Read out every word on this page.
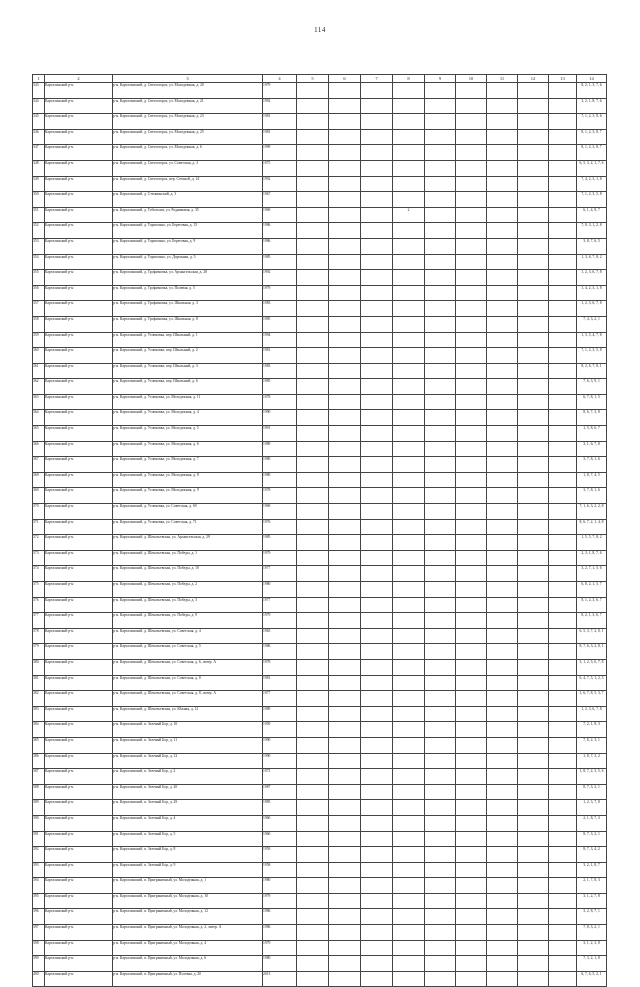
114
1	2	3	4	5	6	7	8	9	10	11	12	13	14
343	Карталинский р-н	р-н. Карталинский, д. Светлогорск, ул. Молодежная, д. 20	1979										8, 2, 1, 3, 7, 6
344	Карталинский р-н	р-н. Карталинский, д. Светлогорск, ул. Молодежная, д. 21	1992										3, 2, 1, 8, 7, 6
345	Карталинский р-н	р-н. Карталинский, д. Светлогорск, ул. Молодежная, д. 23	1981										7, 1, 2, 3, 8, 6
346	Карталинский р-н	р-н. Карталинский, д. Светлогорск, ул. Молодежная, д. 25	1981										8, 1, 2, 3, 8, 7
347	Карталинский р-н	р-н. Карталинский, д. Светлогорск, ул. Молодежная, д. 6	1999										8, 1, 2, 3, 8, 7
348	Карталинский р-н	р-н. Карталинский, д. Светлогорск, ул. Советская, д. 3	1975										6, 5, 3, 2, 1, 7, 6
349	Карталинский р-н	р-н. Карталинский, д. Светлогорск, пер. Степной, д. 14	1992										7, 4, 2, 3, 1, 8
350	Карталинский р-н	р-н. Карталинский, д. Степнинский, д. 3	1967										7, 1, 2, 3, 5, 8
351	Карталинский р-н	р-н. Карталинский, д. Тобольски, ул. Родниковая, д. 35	1969				2						6, 1, 4, 9, 7
352	Карталинский р-н	р-н. Карталинский, д. Тормосино, ул. Береговая, д. 15	1986										7, 8, 3, 1, 2, 8
353	Карталинский р-н	р-н. Карталинский, д. Тормосино, ул. Береговая, д. 9	1986										3, 8, 7, 6, 5
354	Карталинский р-н	р-н. Карталинский, д. Тормосино, ул. Дорожная, д. 5	1985										1, 3, 6, 7, 8, 2
355	Карталинский р-н	р-н. Карталинский, д. Трофимовка, ул. Архангельская, д. 28	1992										1, 2, 3, 6, 7, 8
356	Карталинский р-н	р-н. Карталинский, д. Трофимовка, ул. Полевая, д. 5	1979										1, 4, 2, 3, 1, 8
357	Карталинский р-н	р-н. Карталинский, д. Трофимовка, ул. Школьная, д. 3	1983										1, 2, 3, 6, 7, 8
358	Карталинский р-н	р-н. Карталинский, д. Трофимовка, ул. Школьная, д. 8	1985										7, 4, 3, 2, 1
359	Карталинский р-н	р-н. Карталинский, д. Успеновка, пер. Школьный, д. 1	1994										1, 3, 5, 4, 7, 8
360	Карталинский р-н	р-н. Карталинский, д. Успеновка, пер. Школьный, д. 2	1981										7, 1, 2, 3, 5, 8
361	Карталинский р-н	р-н. Карталинский, д. Успеновка, пер. Школьный, д. 3	1983										8, 2, 6, 7, 8, 1
362	Карталинский р-н	р-н. Карталинский, д. Успеновка, пер. Школьный, д. 6	1985										7, 6, 3, 9, 1
363	Карталинский р-н	р-н. Карталинский, д. Успеновка, ул. Молодежная, д. 11	1978										6, 7, 8, 1, 5
364	Карталинский р-н	р-н. Карталинский, д. Успеновка, ул. Молодежная, д. 4	1990										8, 6, 7, 3, 8
365	Карталинский р-н	р-н. Карталинский, д. Успеновка, ул. Молодежная, д. 5	1991										1, 5, 8, 6, 7
366	Карталинский р-н	р-н. Карталинский, д. Успеновка, ул. Молодежная, д. 6	1989										3, 1, 6, 7, 8
367	Карталинский р-н	р-н. Карталинский, д. Успеновка, ул. Молодежная, д. 7	1980										3, 7, 8, 1, 6
368	Карталинский р-н	р-н. Карталинский, д. Успеновка, ул. Молодежная, д. 8	1980										1, 8, 7, 4, 5
369	Карталинский р-н	р-н. Карталинский, д. Успеновка, ул. Молодежная, д. 9	1978										3, 7, 8, 1, 6
370	Карталинский р-н	р-н. Карталинский, д. Успеновка, ул. Советская, д. 69	1969										7, 1, 6, 3, 2, 2, 8
371	Карталинский р-н	р-н. Карталинский, д. Успеновка, ул. Советская, д. 71	1976										8, 6, 7, 2, 1, 4, 8
372	Карталинский р-н	р-н. Карталинский, д. Шекольевская, ул. Архангельская, д. 29	1985										1, 5, 5, 7, 8, 2
373	Карталинский р-н	р-н. Карталинский, д. Шекольевская, ул. Победы, д. 1	1979										2, 3, 1, 8, 7, 6
374	Карталинский р-н	р-н. Карталинский, д. Шекольевская, ул. Победы, д. 10	1977										3, 2, 7, 1, 5, 6
375	Карталинский р-н	р-н. Карталинский, д. Шекольевская, ул. Победы, д. 2	1980										6, 8, 2, 1, 5, 7
376	Карталинский р-н	р-н. Карталинский, д. Шекольевская, ул. Победы, д. 3	1977										8, 1, 2, 3, 6, 7
377	Карталинский р-н	р-н. Карталинский, д. Шекольевская, ул. Победы, д. 9	1979										8, 2, 1, 3, 6, 7
378	Карталинский р-н	р-н. Карталинский, д. Шекольевская, ул. Советская, д. 4	1965										6, 5, 3, 7, 2, 8, 1
379	Карталинский р-н	р-н. Карталинский, д. Шекольевская, ул. Советская, д. 5	1986										8, 7, 6, 3, 2, 8, 1
380	Карталинский р-н	р-н. Карталинский, д. Шекольевская, ул. Советская, д. 6, литер. А	1978										3, 1, 2, 5, 6, 7, 8
381	Карталинский р-н	р-н. Карталинский, д. Шекольевская, ул. Советская, д. 8	1981										6, 4, 7, 5, 1, 2, 3
382	Карталинский р-н	р-н. Карталинский, д. Шекольевская, ул. Советская, д. 8, литер. А	1977										1, 6, 7, 8, 5, 3, 7
383	Карталинский р-н	р-н. Карталинский, д. Шекольевская, ул. Южная, д. 12	1989										1, 2, 3, 6, 7, 8
384	Карталинский р-н	р-н. Карталинский, п. Зеленый Бор, д. 10	1959										7, 2, 1, 8, 3
385	Карталинский р-н	р-н. Карталинский, п. Зеленый Бор, д. 11	1990										7, 8, 2, 3, 1
386	Карталинский р-н	р-н. Карталинский, п. Зеленый Бор, д. 12	1990										1, 8, 7, 3, 2
387	Карталинский р-н	р-н. Карталинский, п. Зеленый Бор, д. 2	1973										1, 8, 7, 2, 3, 5, 6
388	Карталинский р-н	р-н. Карталинский, п. Зеленый Бор, д. 20	1987										8, 7, 3, 2, 1
389	Карталинский р-н	р-н. Карталинский, п. Зеленый Бор, д. 29	1985										1, 2, 3, 7, 8
390	Карталинский р-н	р-н. Карталинский, п. Зеленый Бор, д. 4	1960										2, 1, 8, 7, 3
391	Карталинский р-н	р-н. Карталинский, п. Зеленый Бор, д. 5	1960										8, 7, 3, 2, 1
392	Карталинский р-н	р-н. Карталинский, п. Зеленый Бор, д. 8	1959										8, 7, 3, 4, 2
393	Карталинский р-н	р-н. Карталинский, п. Зеленый Бор, д. 9	1958										3, 2, 1, 8, 7
394	Карталинский р-н	р-н. Карталинский, п. Приграничный, ул. Молодежная, д. 1	1980										2, 1, 7, 8, 3
395	Карталинский р-н	р-н. Карталинский, п. Приграничный, ул. Молодежная, д. 10	1979										3, 1, 2, 7, 8
396	Карталинский р-н	р-н. Карталинский, п. Приграничный, ул. Молодежная, д. 12	1986										3, 2, 8, 7, 1
397	Карталинский р-н	р-н. Карталинский, п. Приграничный, ул. Молодежная, д. 2, литер. А	1986										7, 8, 3, 2, 1
398	Карталинский р-н	р-н. Карталинский, п. Приграничный, ул. Молодежная, д. 4	1979										3, 1, 2, 3, 8
399	Карталинский р-н	р-н. Карталинский, п. Приграничный, ул. Молодежная, д. 6	1980										7, 3, 2, 1, 8
400	Карталинский р-н	р-н. Карталинский, п. Приграничный, ул. Полевая, д. 20	2013										6, 7, 6, 5, 2, 1
